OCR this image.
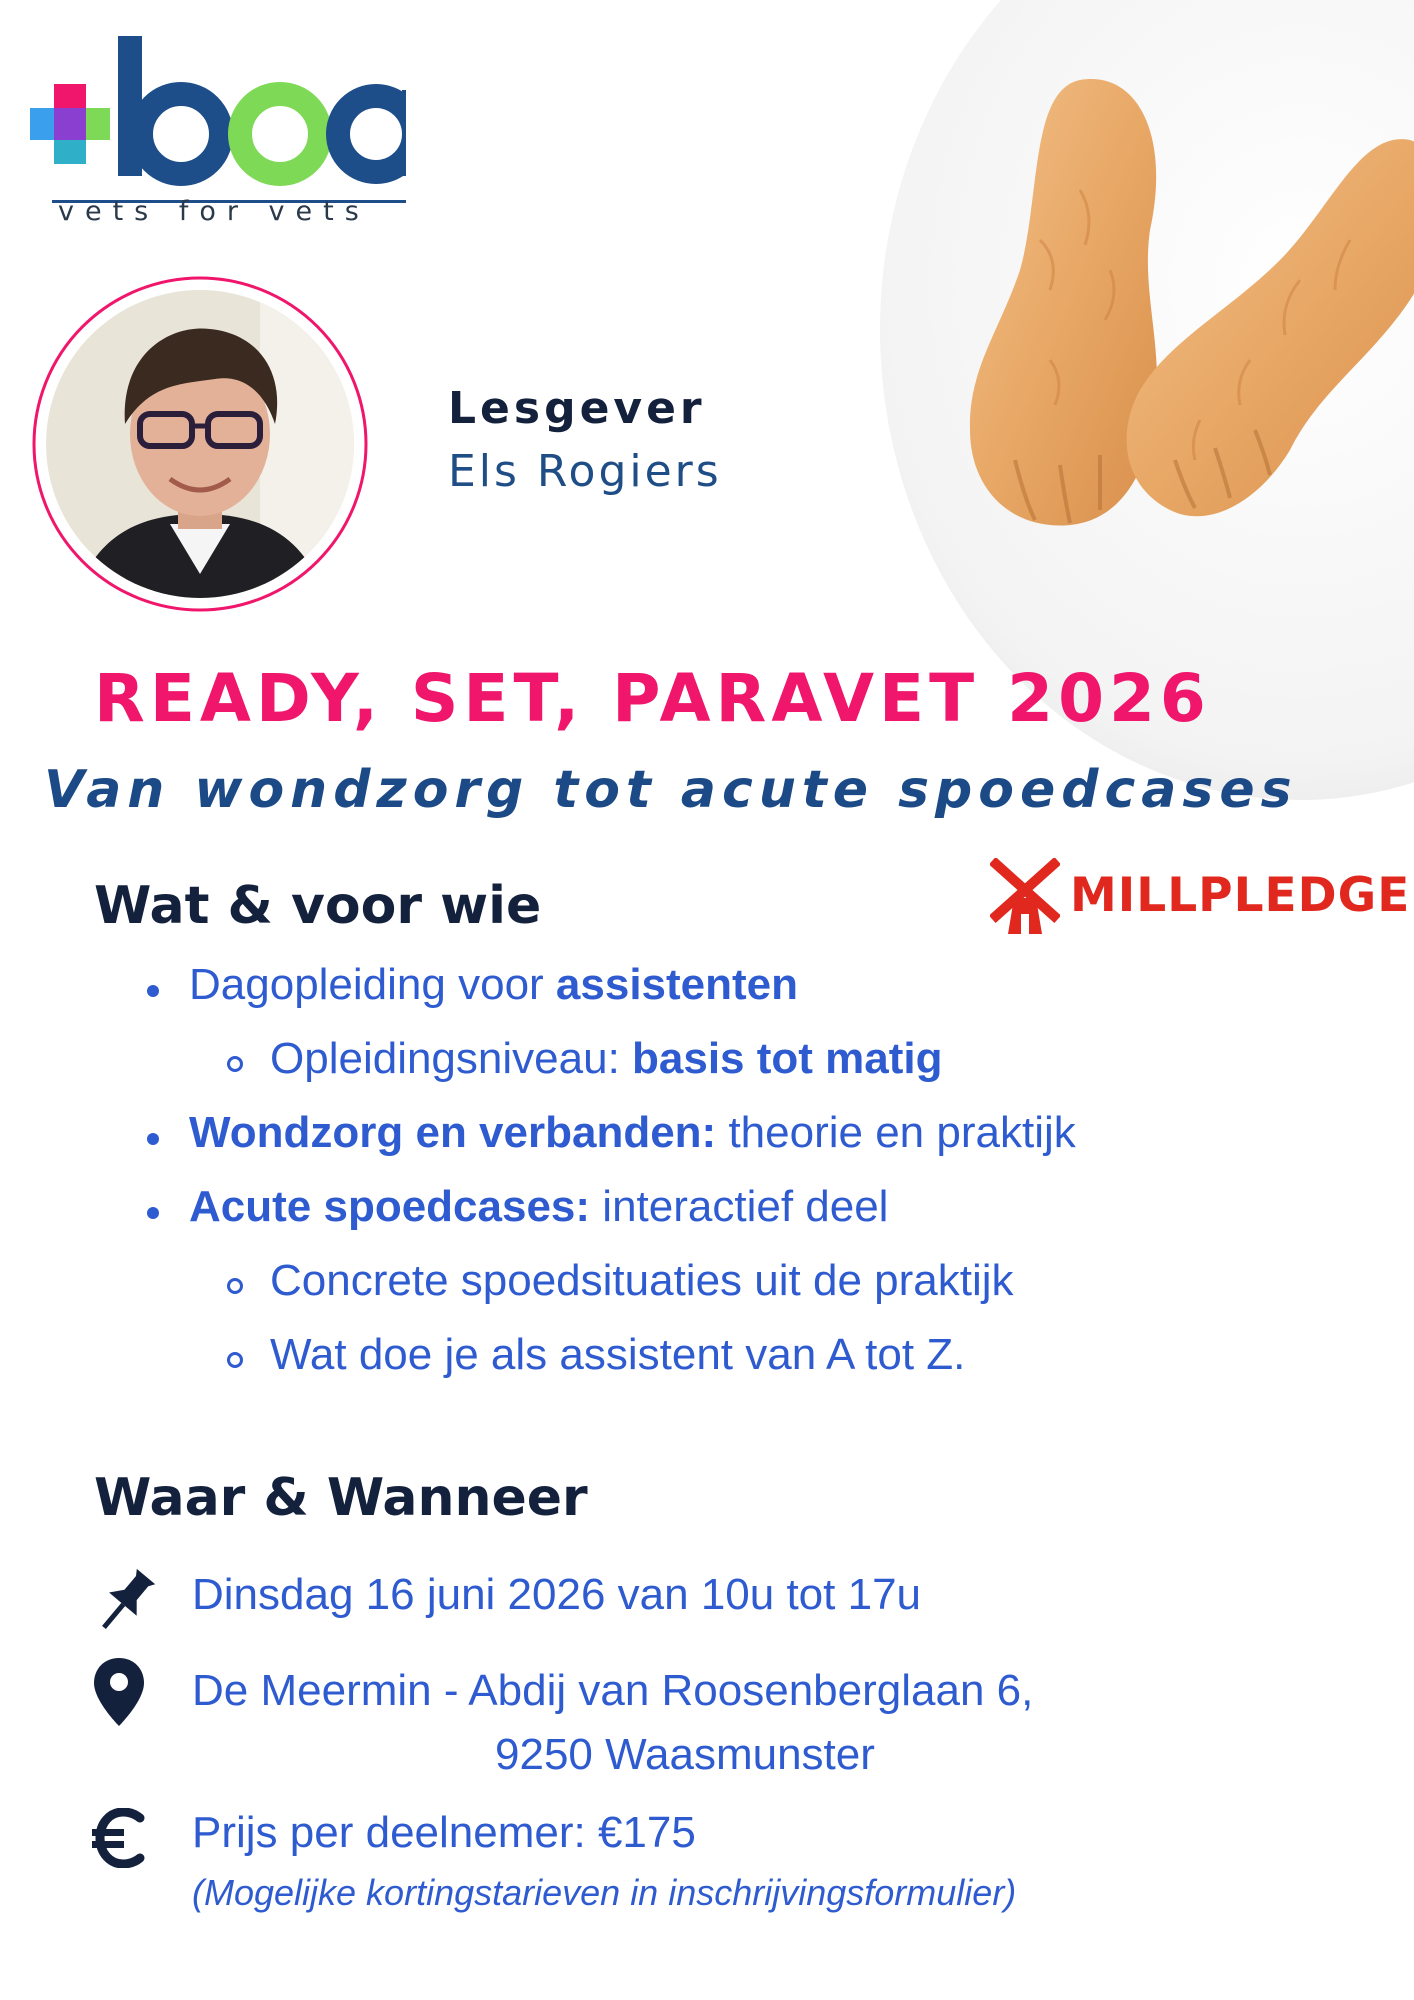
vets for vets
Lesgever
Els Rogiers
READY, SET, PARAVET 2026
Van wondzorg tot acute spoedcases
Wat & voor wie	MILLPLEDGE
Dagopleiding voor assistenten
Opleidingsniveau: basis tot matig
Wondzorg en verbanden: theorie en praktijk
Acute spoedcases: interactief deel
Concrete spoedsituaties uit de praktijk
Wat doe je als assistent van A tot Z.
Waar & Wanneer
Dinsdag 16 juni 2026 van 10u tot 17u
De Meermin - Abdij van Roosenberglaan 6,
9250 Waasmunster
Prijs per deelnemer: €175
(Mogelijke kortingstarieven in inschrijvingsformulier)
